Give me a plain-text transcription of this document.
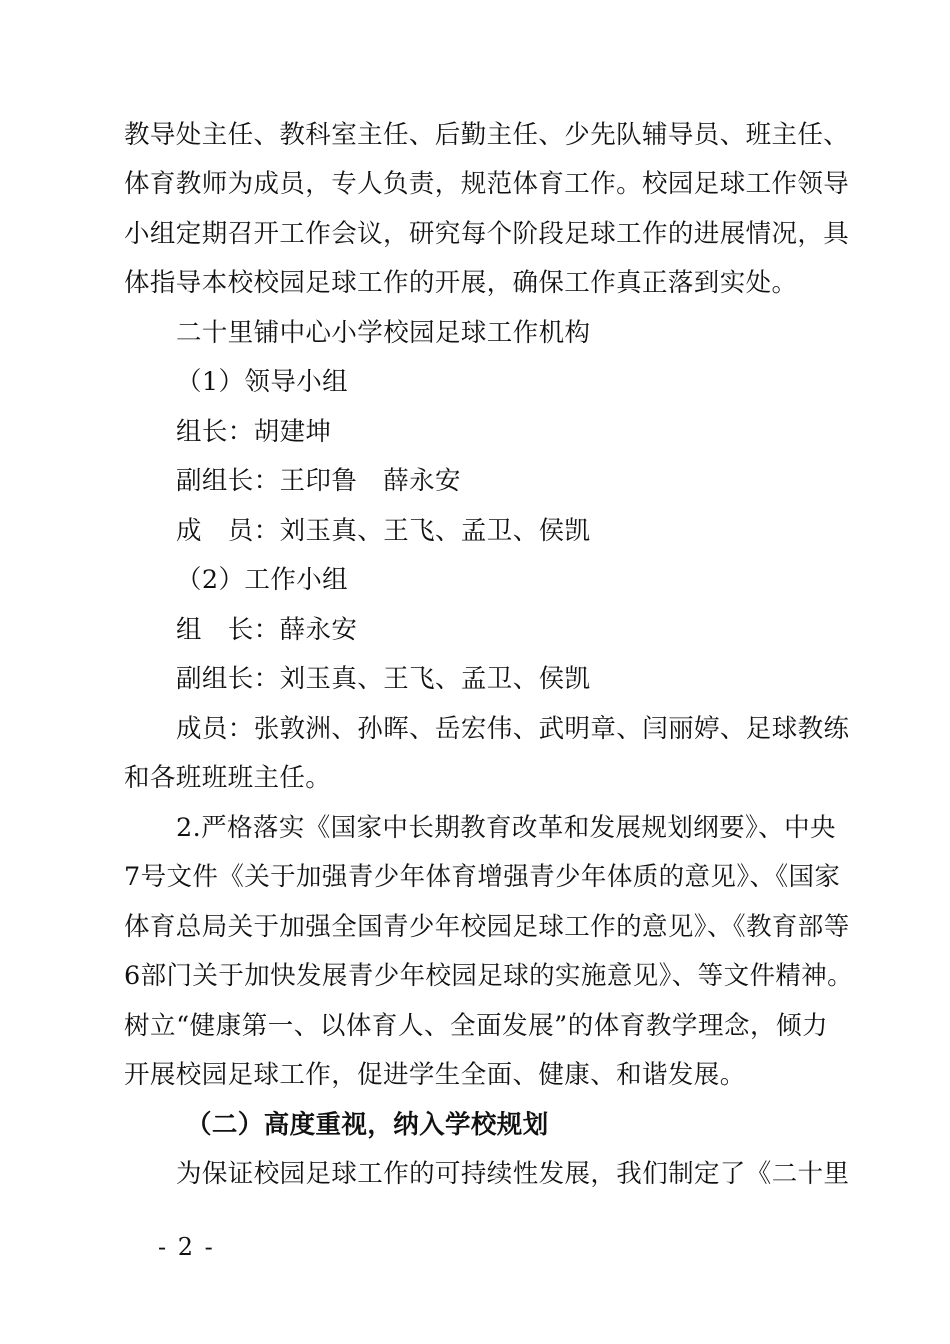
教导处主任、教科室主任、后勤主任、少先队辅导员、班主任、
体育教师为成员，专人负责，规范体育工作。校园足球工作领导
小组定期召开工作会议，研究每个阶段足球工作的进展情况，具
体指导本校校园足球工作的开展，确保工作真正落到实处。
二十里铺中心小学校园足球工作机构
（1）领导小组
组长：胡建坤
副组长：王印鲁　薛永安
成　员：刘玉真、王飞、孟卫、侯凯
（2）工作小组
组　长：薛永安
副组长：刘玉真、王飞、孟卫、侯凯
成员：张敦洲、孙晖、岳宏伟、武明章、闫丽婷、足球教练
和各班班班主任。
2.严格落实《国家中长期教育改革和发展规划纲要》、中央
7号文件《关于加强青少年体育增强青少年体质的意见》、《国家
体育总局关于加强全国青少年校园足球工作的意见》、《教育部等
6部门关于加快发展青少年校园足球的实施意见》、等文件精神。
树立“健康第一、以体育人、全面发展”的体育教学理念，倾力
开展校园足球工作，促进学生全面、健康、和谐发展。
（二）高度重视，纳入学校规划
为保证校园足球工作的可持续性发展，我们制定了《二十里
- 2 -
